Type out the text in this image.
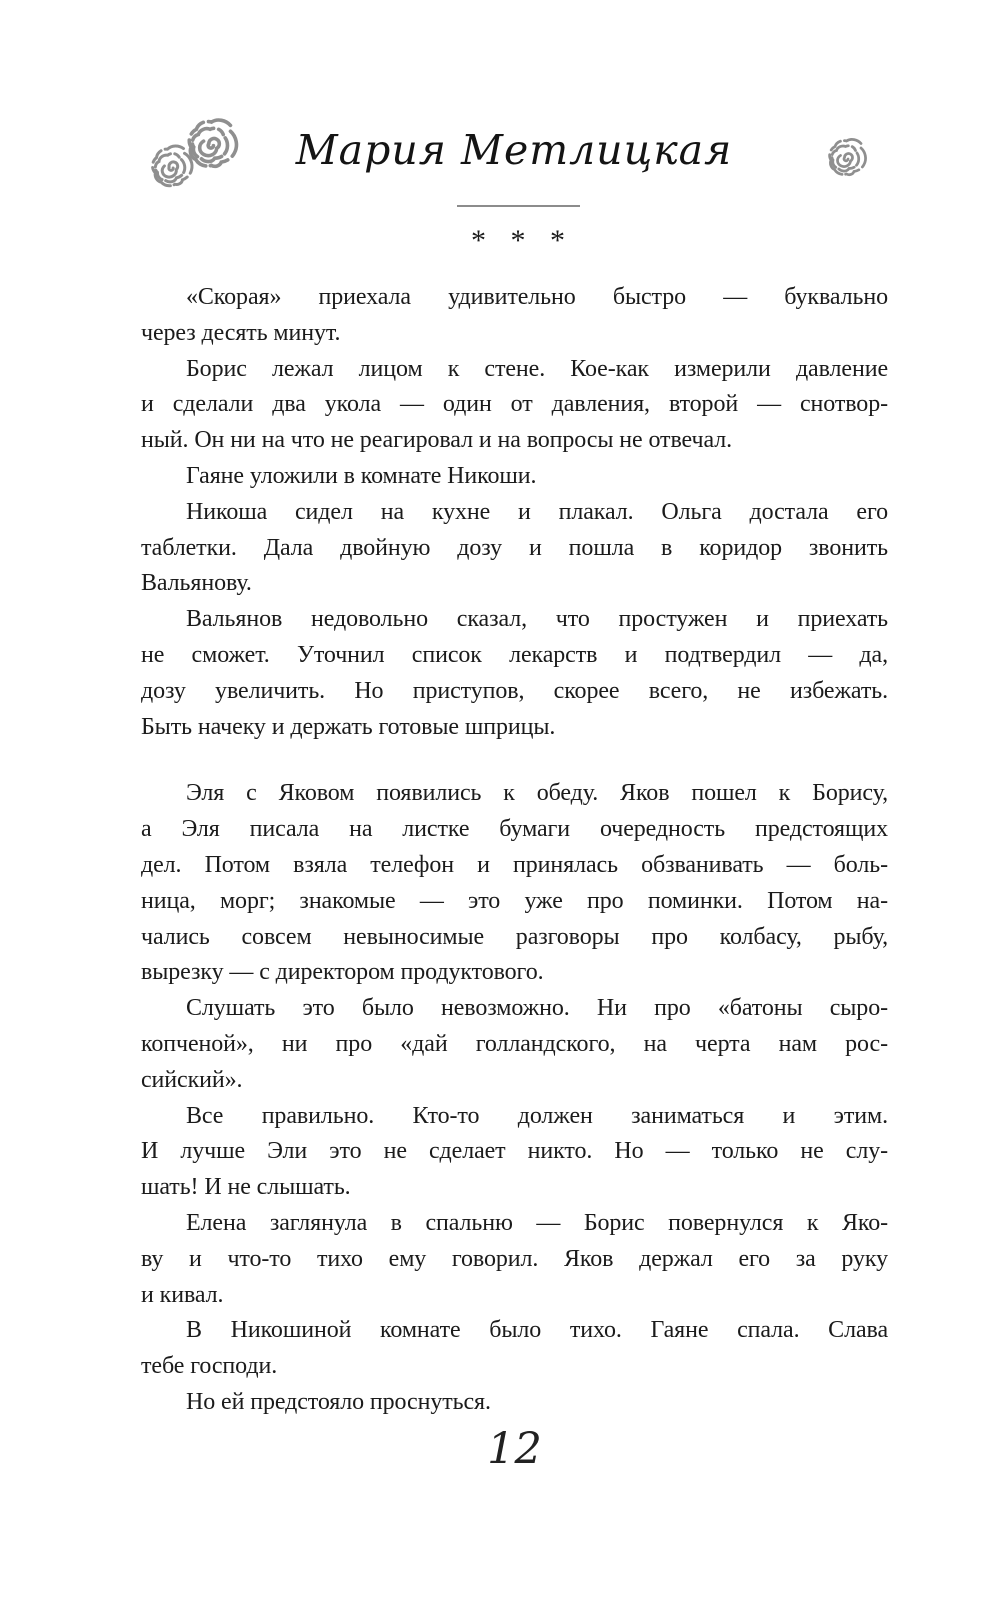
Мария Метлицкая
* * *
«Скорая» приехала удивительно быстро — буквально
через десять минут.
Борис лежал лицом к стене. Кое-как измерили давление
и сделали два укола — один от давления, второй — снотвор-
ный. Он ни на что не реагировал и на вопросы не отвечал.
Гаяне уложили в комнате Никоши.
Никоша сидел на кухне и плакал. Ольга достала его
таблетки. Дала двойную дозу и пошла в коридор звонить
Вальянову.
Вальянов недовольно сказал, что простужен и приехать
не сможет. Уточнил список лекарств и подтвердил — да,
дозу увеличить. Но приступов, скорее всего, не избежать.
Быть начеку и держать готовые шприцы.
Эля с Яковом появились к обеду. Яков пошел к Борису,
а Эля писала на листке бумаги очередность предстоящих
дел. Потом взяла телефон и принялась обзванивать — боль-
ница, морг; знакомые — это уже про поминки. Потом на-
чались совсем невыносимые разговоры про колбасу, рыбу,
вырезку — с директором продуктового.
Слушать это было невозможно. Ни про «батоны сыро-
копченой», ни про «дай голландского, на черта нам рос-
сийский».
Все правильно. Кто-то должен заниматься и этим.
И лучше Эли это не сделает никто. Но — только не слу-
шать! И не слышать.
Елена заглянула в спальню — Борис повернулся к Яко-
ву и что-то тихо ему говорил. Яков держал его за руку
и кивал.
В Никошиной комнате было тихо. Гаяне спала. Слава
тебе господи.
Но ей предстояло проснуться.
12
